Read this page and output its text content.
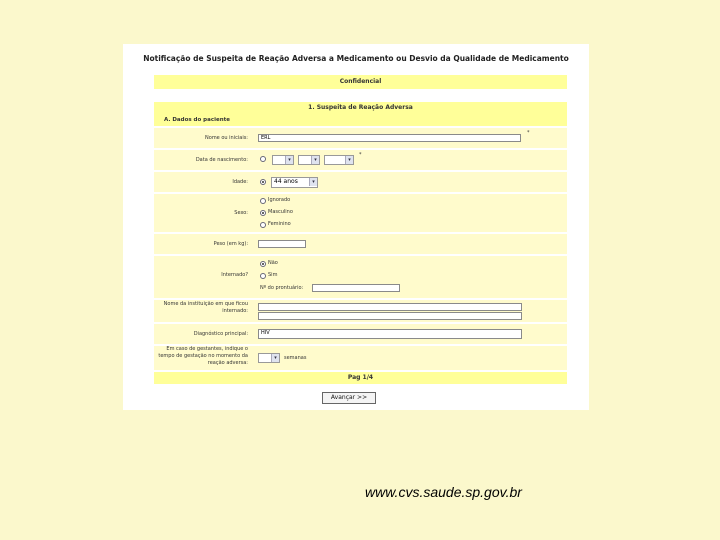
Notificação de Suspeita de Reação Adversa a Medicamento ou Desvio da Qualidade de Medicamento
Confidencial
1. Suspeita de Reação Adversa
A. Dados do paciente
Nome ou iniciais:	ERL
*
Data de nascimento:	▾	▾	▾
*
Idade:	44 anos	▾
Sexo:
Ignorado
Masculino
Feminino
Peso (em kg):
Internado?
Não
Sim
Nº do prontuário:
Nome da instituição em que ficou internado:
Diagnóstico principal:	HIV
Em caso de gestantes, indique o tempo de gestação no momento da reação adversa:
▾	semanas
Pag 1/4
Avançar >>
www.cvs.saude.sp.gov.br
